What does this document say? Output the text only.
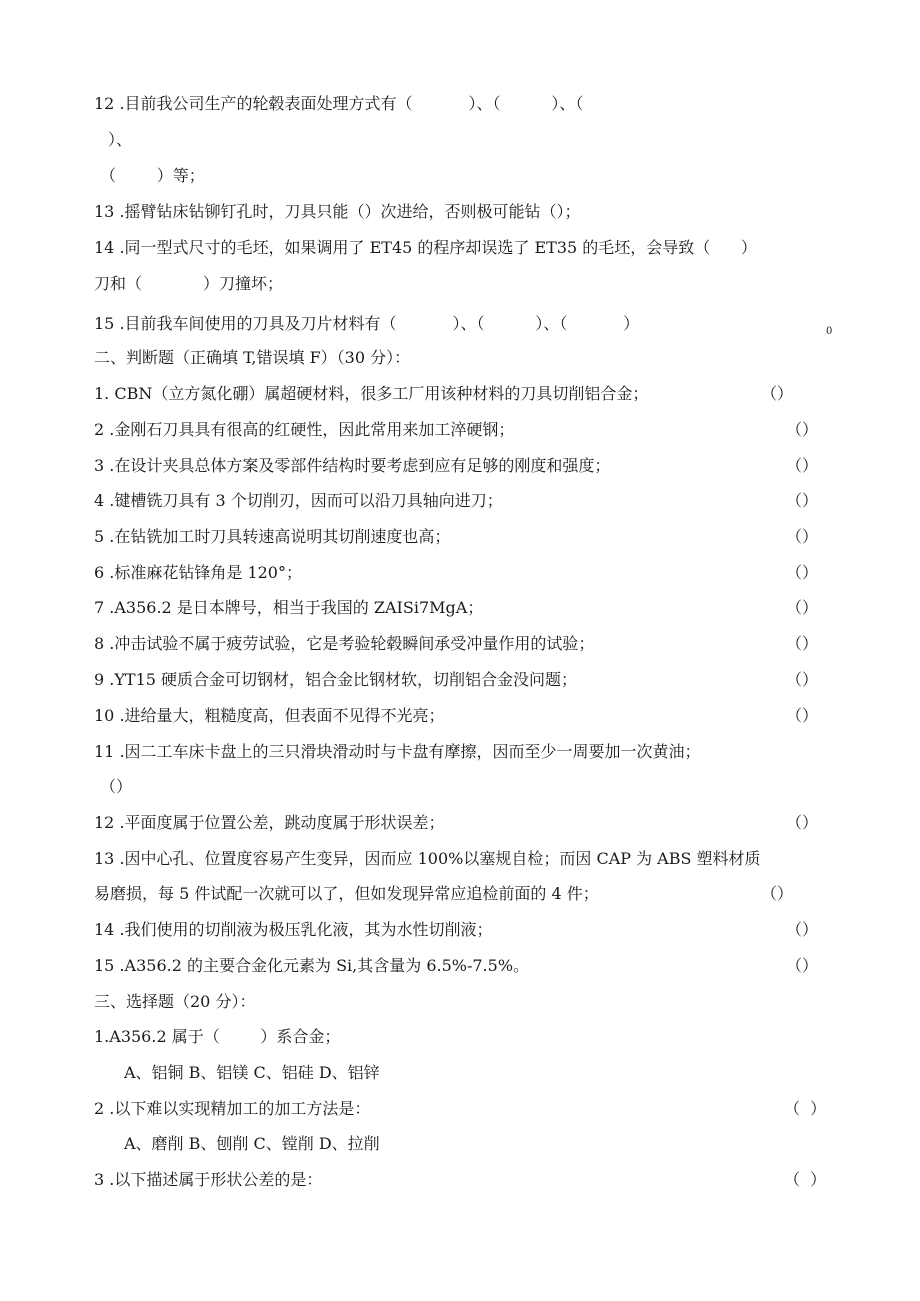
12 .目前我公司生产的轮毂表面处理方式有（           ）、（          ）、（
）、
（        ）等；
13 .摇臂钻床钻铆钉孔时，刀具只能（）次进给，否则极可能钻（）；
14 .同一型式尺寸的毛坯，如果调用了 ET45 的程序却误选了 ET35 的毛坯，会导致（      ）
刀和（            ）刀撞坏；
15 .目前我车间使用的刀具及刀片材料有（           ）、（          ）、（           ）	0
二、判断题（正确填 T,错误填 F）（30 分）：
1. CBN（立方氮化硼）属超硬材料，很多工厂用该种材料的刀具切削铝合金；	（）
2 .金刚石刀具具有很高的红硬性，因此常用来加工淬硬钢；	（）
3 .在设计夹具总体方案及零部件结构时要考虑到应有足够的刚度和强度；	（）
4 .键槽铣刀具有 3 个切削刃，因而可以沿刀具轴向进刀；	（）
5 .在钻铣加工时刀具转速高说明其切削速度也高；	（）
6 .标准麻花钻锋角是 120°；	（）
7 .A356.2 是日本牌号，相当于我国的 ZAISi7MgA；	（）
8 .冲击试验不属于疲劳试验，它是考验轮毂瞬间承受冲量作用的试验；	（）
9 .YT15 硬质合金可切钢材，铝合金比钢材软，切削铝合金没问题；	（）
10 .进给量大，粗糙度高，但表面不见得不光亮；	（）
11 .因二工车床卡盘上的三只滑块滑动时与卡盘有摩擦，因而至少一周要加一次黄油；
（）
12 .平面度属于位置公差，跳动度属于形状误差；	（）
13 .因中心孔、位置度容易产生变异，因而应 100%以塞规自检；而因 CAP 为 ABS 塑料材质
易磨损，每 5 件试配一次就可以了，但如发现异常应追检前面的 4 件；	（）
14 .我们使用的切削液为极压乳化液，其为水性切削液；	（）
15 .A356.2 的主要合金化元素为 Si,其含量为 6.5%-7.5%。	（）
三、选择题（20 分）：
1.A356.2 属于（        ）系合金；
A、铝铜 B、铝镁 C、铝硅 D、铝锌
2 .以下难以实现精加工的加工方法是：	（  ）
A、磨削 B、刨削 C、镗削 D、拉削
3 .以下描述属于形状公差的是：	（  ）
